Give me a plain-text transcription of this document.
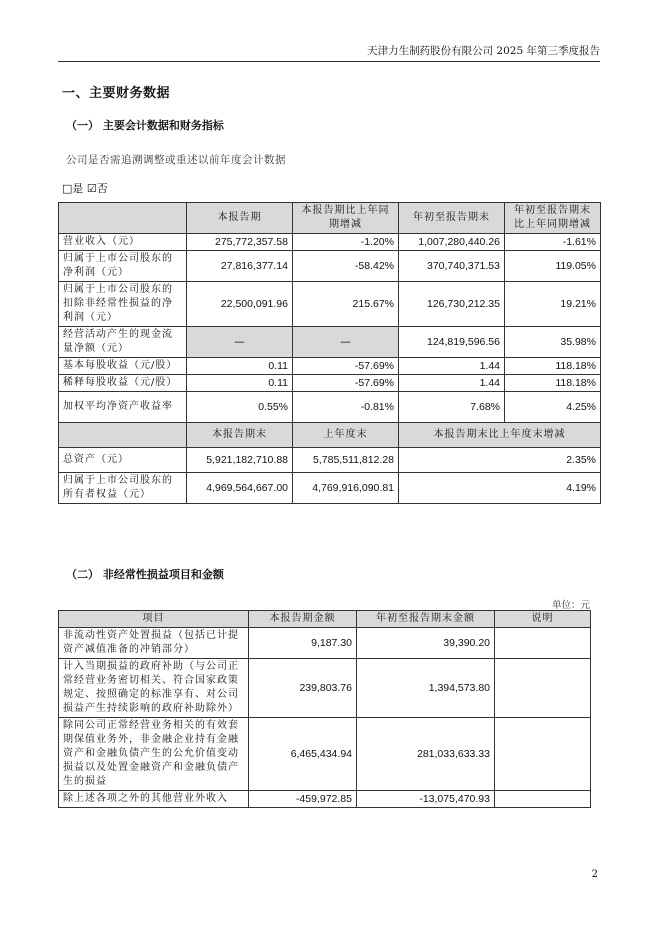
天津力生制药股份有限公司 2025 年第三季度报告
一、主要财务数据
（一） 主要会计数据和财务指标
公司是否需追溯调整或重述以前年度会计数据
□是 ☑否
	本报告期	本报告期比上年同期增减	年初至报告期末	年初至报告期末比上年同期增减
营业收入（元）	275,772,357.58	-1.20%	1,007,280,440.26	-1.61%
归属于上市公司股东的净利润（元）	27,816,377.14	-58.42%	370,740,371.53	119.05%
归属于上市公司股东的扣除非经常性损益的净利润（元）	22,500,091.96	215.67%	126,730,212.35	19.21%
经营活动产生的现金流量净额（元）	—	—	124,819,596.56	35.98%
基本每股收益（元/股）	0.11	-57.69%	1.44	118.18%
稀释每股收益（元/股）	0.11	-57.69%	1.44	118.18%
加权平均净资产收益率	0.55%	-0.81%	7.68%	4.25%
	本报告期末	上年度末	本报告期末比上年度末增减	
总资产（元）	5,921,182,710.88	5,785,511,812.28	2.35%	
归属于上市公司股东的所有者权益（元）	4,969,564,667.00	4,769,916,090.81	4.19%	
（二） 非经常性损益项目和金额
单位：元
项目	本报告期金额	年初至报告期末金额	说明
非流动性资产处置损益（包括已计提资产减值准备的冲销部分）	9,187.30	39,390.20	
计入当期损益的政府补助（与公司正常经营业务密切相关、符合国家政策规定、按照确定的标准享有、对公司损益产生持续影响的政府补助除外）	239,803.76	1,394,573.80	
除同公司正常经营业务相关的有效套期保值业务外，非金融企业持有金融资产和金融负债产生的公允价值变动损益以及处置金融资产和金融负债产生的损益	6,465,434.94	281,033,633.33	
除上述各项之外的其他营业外收入	-459,972.85	-13,075,470.93	
2
